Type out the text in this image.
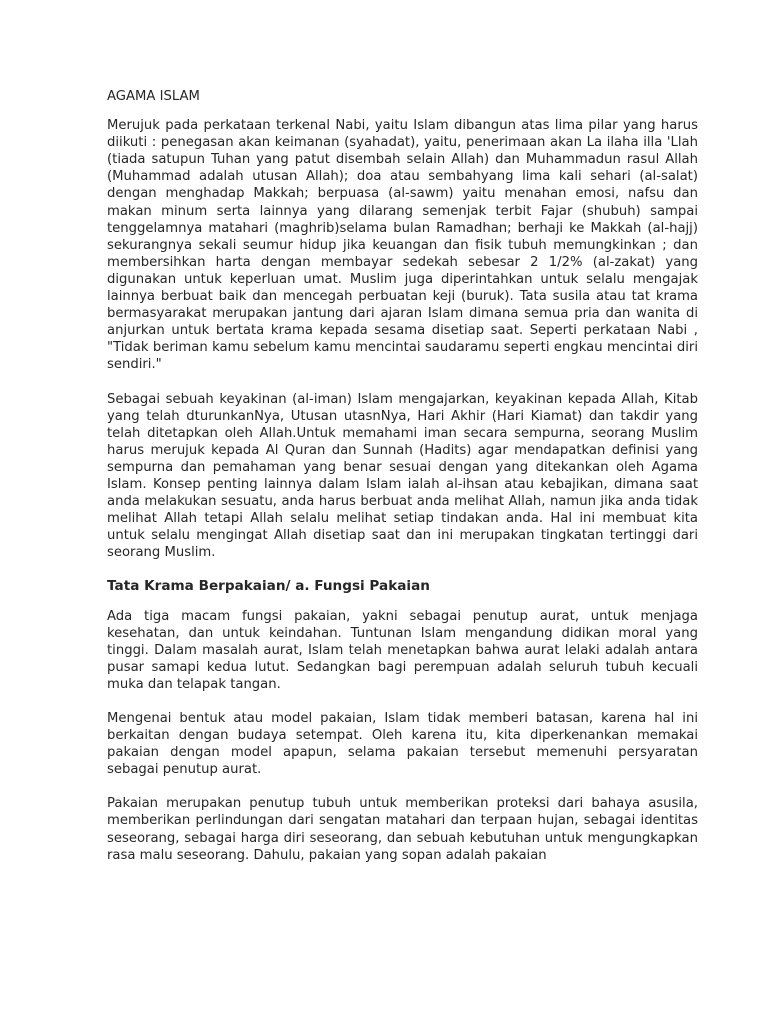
AGAMA ISLAM

Merujuk pada perkataan terkenal Nabi, yaitu Islam dibangun atas lima pilar yang harus diikuti : penegasan akan keimanan (syahadat), yaitu, penerimaan akan La ilaha illa 'Llah (tiada satupun Tuhan yang patut disembah selain Allah) dan Muhammadun rasul Allah (Muhammad adalah utusan Allah); doa atau sembahyang lima kali sehari (al-salat) dengan menghadap Makkah; berpuasa (al-sawm) yaitu menahan emosi, nafsu dan makan minum serta lainnya yang dilarang semenjak terbit Fajar (shubuh) sampai tenggelamnya matahari (maghrib)selama bulan Ramadhan; berhaji ke Makkah (al-hajj) sekurangnya sekali seumur hidup jika keuangan dan fisik tubuh memungkinkan ; dan membersihkan harta dengan membayar sedekah sebesar 2 1/2% (al-zakat) yang digunakan untuk keperluan umat. Muslim juga diperintahkan untuk selalu mengajak lainnya berbuat baik dan mencegah perbuatan keji (buruk). Tata susila atau tat krama bermasyarakat merupakan jantung dari ajaran Islam dimana semua pria dan wanita di anjurkan untuk bertata krama kepada sesama disetiap saat. Seperti perkataan Nabi , "Tidak beriman kamu sebelum kamu mencintai saudaramu seperti engkau mencintai diri sendiri."

Sebagai sebuah keyakinan (al-iman) Islam mengajarkan, keyakinan kepada Allah, Kitab yang telah dturunkanNya, Utusan utasnNya, Hari Akhir (Hari Kiamat) dan takdir yang telah ditetapkan oleh Allah.Untuk memahami iman secara sempurna, seorang Muslim harus merujuk kepada Al Quran dan Sunnah (Hadits) agar mendapatkan definisi yang sempurna dan pemahaman yang benar sesuai dengan yang ditekankan oleh Agama Islam. Konsep penting lainnya dalam Islam ialah al-ihsan atau kebajikan, dimana saat anda melakukan sesuatu, anda harus berbuat anda melihat Allah, namun jika anda tidak melihat Allah tetapi Allah selalu melihat setiap tindakan anda. Hal ini membuat kita untuk selalu mengingat Allah disetiap saat dan ini merupakan tingkatan tertinggi dari seorang Muslim.

Tata Krama Berpakaian/ a. Fungsi Pakaian

Ada tiga macam fungsi pakaian, yakni sebagai penutup aurat, untuk menjaga kesehatan, dan untuk keindahan. Tuntunan Islam mengandung didikan moral yang tinggi. Dalam masalah aurat, Islam telah menetapkan bahwa aurat lelaki adalah antara pusar samapi kedua lutut. Sedangkan bagi perempuan adalah seluruh tubuh kecuali muka dan telapak tangan.

Mengenai bentuk atau model pakaian, Islam tidak memberi batasan, karena hal ini berkaitan dengan budaya setempat. Oleh karena itu, kita diperkenankan memakai pakaian dengan model apapun, selama pakaian tersebut memenuhi persyaratan sebagai penutup aurat.

Pakaian merupakan penutup tubuh untuk memberikan proteksi dari bahaya asusila, memberikan perlindungan dari sengatan matahari dan terpaan hujan, sebagai identitas seseorang, sebagai harga diri seseorang, dan sebuah kebutuhan untuk mengungkapkan rasa malu seseorang. Dahulu, pakaian yang sopan adalah pakaian
